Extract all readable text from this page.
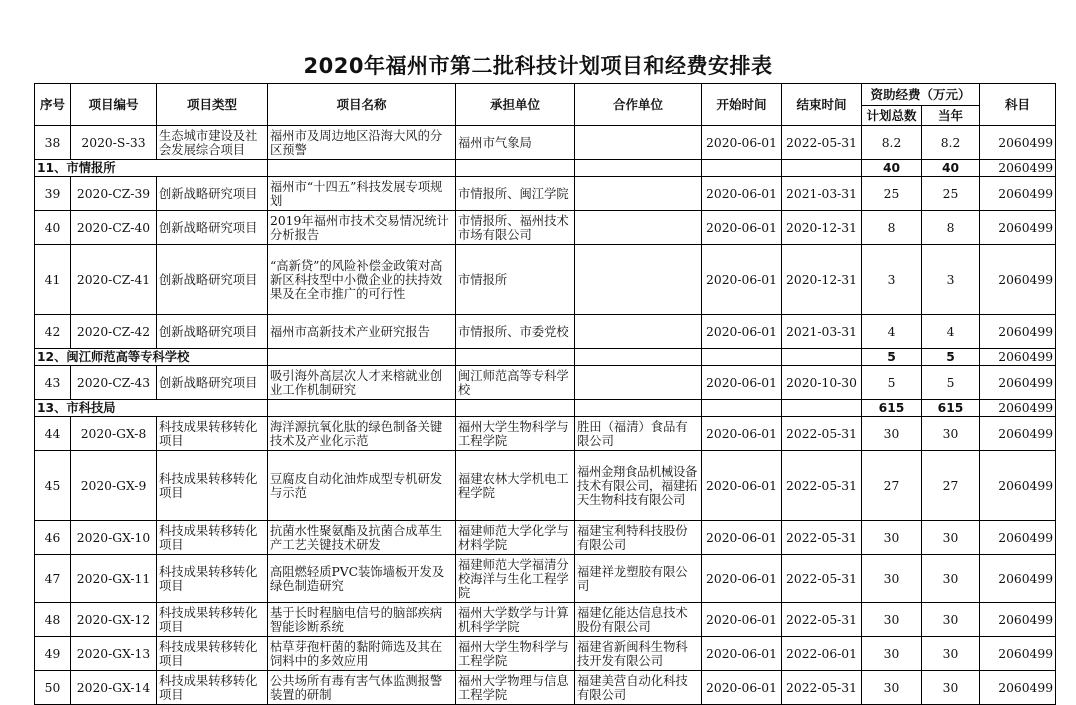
2020年福州市第二批科技计划项目和经费安排表
序号	项目编号	项目类型	项目名称	承担单位	合作单位	开始时间	结束时间	资助经费（万元）		科目
								计划总数	当年	
38	2020-S-33	生态城市建设及社会发展综合项目	福州市及周边地区沿海大风的分区预警	福州市气象局		2020-06-01	2022-05-31	8.2	8.2	2060499
11、市情报所								40	40	2060499
39	2020-CZ-39	创新战略研究项目	福州市“十四五”科技发展专项规划	市情报所、闽江学院		2020-06-01	2021-03-31	25	25	2060499
40	2020-CZ-40	创新战略研究项目	2019年福州市技术交易情况统计分析报告	市情报所、福州技术市场有限公司		2020-06-01	2020-12-31	8	8	2060499
41	2020-CZ-41	创新战略研究项目	“高新贷”的风险补偿金政策对高新区科技型中小微企业的扶持效果及在全市推广的可行性	市情报所		2020-06-01	2020-12-31	3	3	2060499
42	2020-CZ-42	创新战略研究项目	福州市高新技术产业研究报告	市情报所、市委党校		2020-06-01	2021-03-31	4	4	2060499
12、闽江师范高等专科学校								5	5	2060499
43	2020-CZ-43	创新战略研究项目	吸引海外高层次人才来榕就业创业工作机制研究	闽江师范高等专科学校		2020-06-01	2020-10-30	5	5	2060499
13、市科技局								615	615	2060499
44	2020-GX-8	科技成果转移转化项目	海洋源抗氧化肽的绿色制备关键技术及产业化示范	福州大学生物科学与工程学院	胜田（福清）食品有限公司	2020-06-01	2022-05-31	30	30	2060499
45	2020-GX-9	科技成果转移转化项目	豆腐皮自动化油炸成型专机研发与示范	福建农林大学机电工程学院	福州金翔食品机械设备技术有限公司，福建拓天生物科技有限公司	2020-06-01	2022-05-31	27	27	2060499
46	2020-GX-10	科技成果转移转化项目	抗菌水性聚氨酯及抗菌合成革生产工艺关键技术研发	福建师范大学化学与材料学院	福建宝利特科技股份有限公司	2020-06-01	2022-05-31	30	30	2060499
47	2020-GX-11	科技成果转移转化项目	高阻燃轻质PVC装饰墙板开发及绿色制造研究	福建师范大学福清分校海洋与生化工程学院	福建祥龙塑胶有限公司	2020-06-01	2022-05-31	30	30	2060499
48	2020-GX-12	科技成果转移转化项目	基于长时程脑电信号的脑部疾病智能诊断系统	福州大学数学与计算机科学学院	福建亿能达信息技术股份有限公司	2020-06-01	2022-05-31	30	30	2060499
49	2020-GX-13	科技成果转移转化项目	枯草芽孢杆菌的黏附筛选及其在饲料中的多效应用	福州大学生物科学与工程学院	福建省新闽科生物科技开发有限公司	2020-06-01	2022-06-01	30	30	2060499
50	2020-GX-14	科技成果转移转化项目	公共场所有毒有害气体监测报警装置的研制	福州大学物理与信息工程学院	福建美营自动化科技有限公司	2020-06-01	2022-05-31	30	30	2060499
